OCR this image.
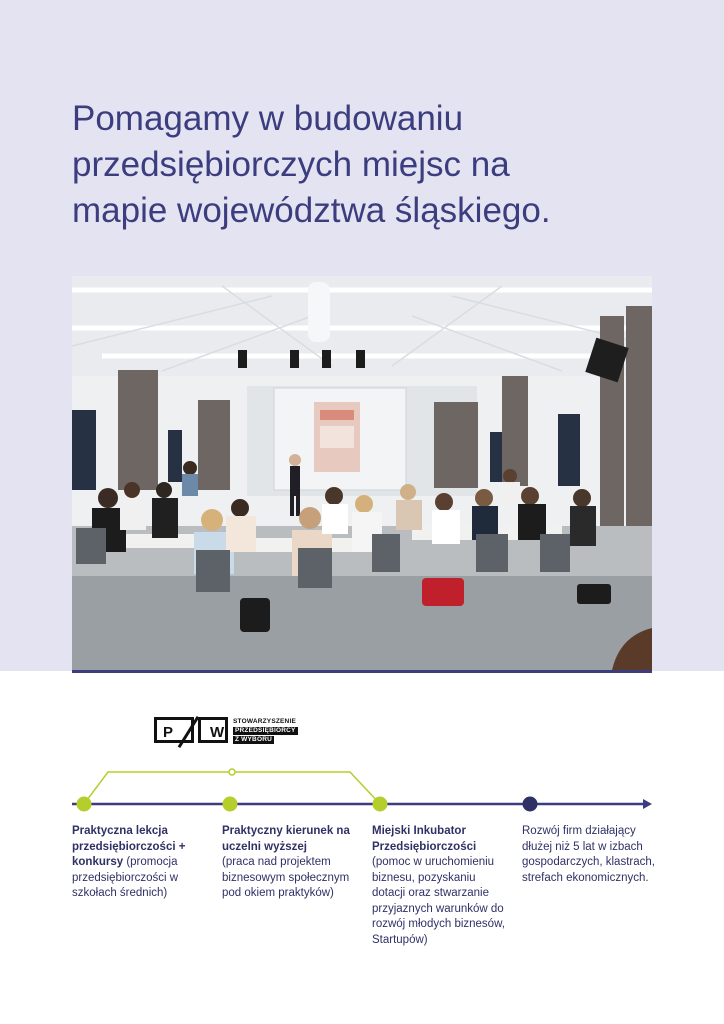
Pomagamy w budowaniu
przedsiębiorczych miejsc na
mapie województwa śląskiego.
P W
STOWARZYSZENIE
PRZEDSIĘBIORCY Z WYBORU
Praktyczna lekcja przedsiębiorczości + konkursy (promocja przedsiębiorczości w szkołach średnich)
Praktyczny kierunek na uczelni wyższej
(praca nad projektem biznesowym społecznym pod okiem praktyków)
Miejski Inkubator Przedsiębiorczości
(pomoc w uruchomieniu biznesu, pozyskaniu dotacji oraz stwarzanie przyjaznych warunków do rozwój młodych biznesów, Startupów)
Rozwój firm działający dłużej niż 5 lat w izbach gospodarczych, klastrach, strefach ekonomicznych.
